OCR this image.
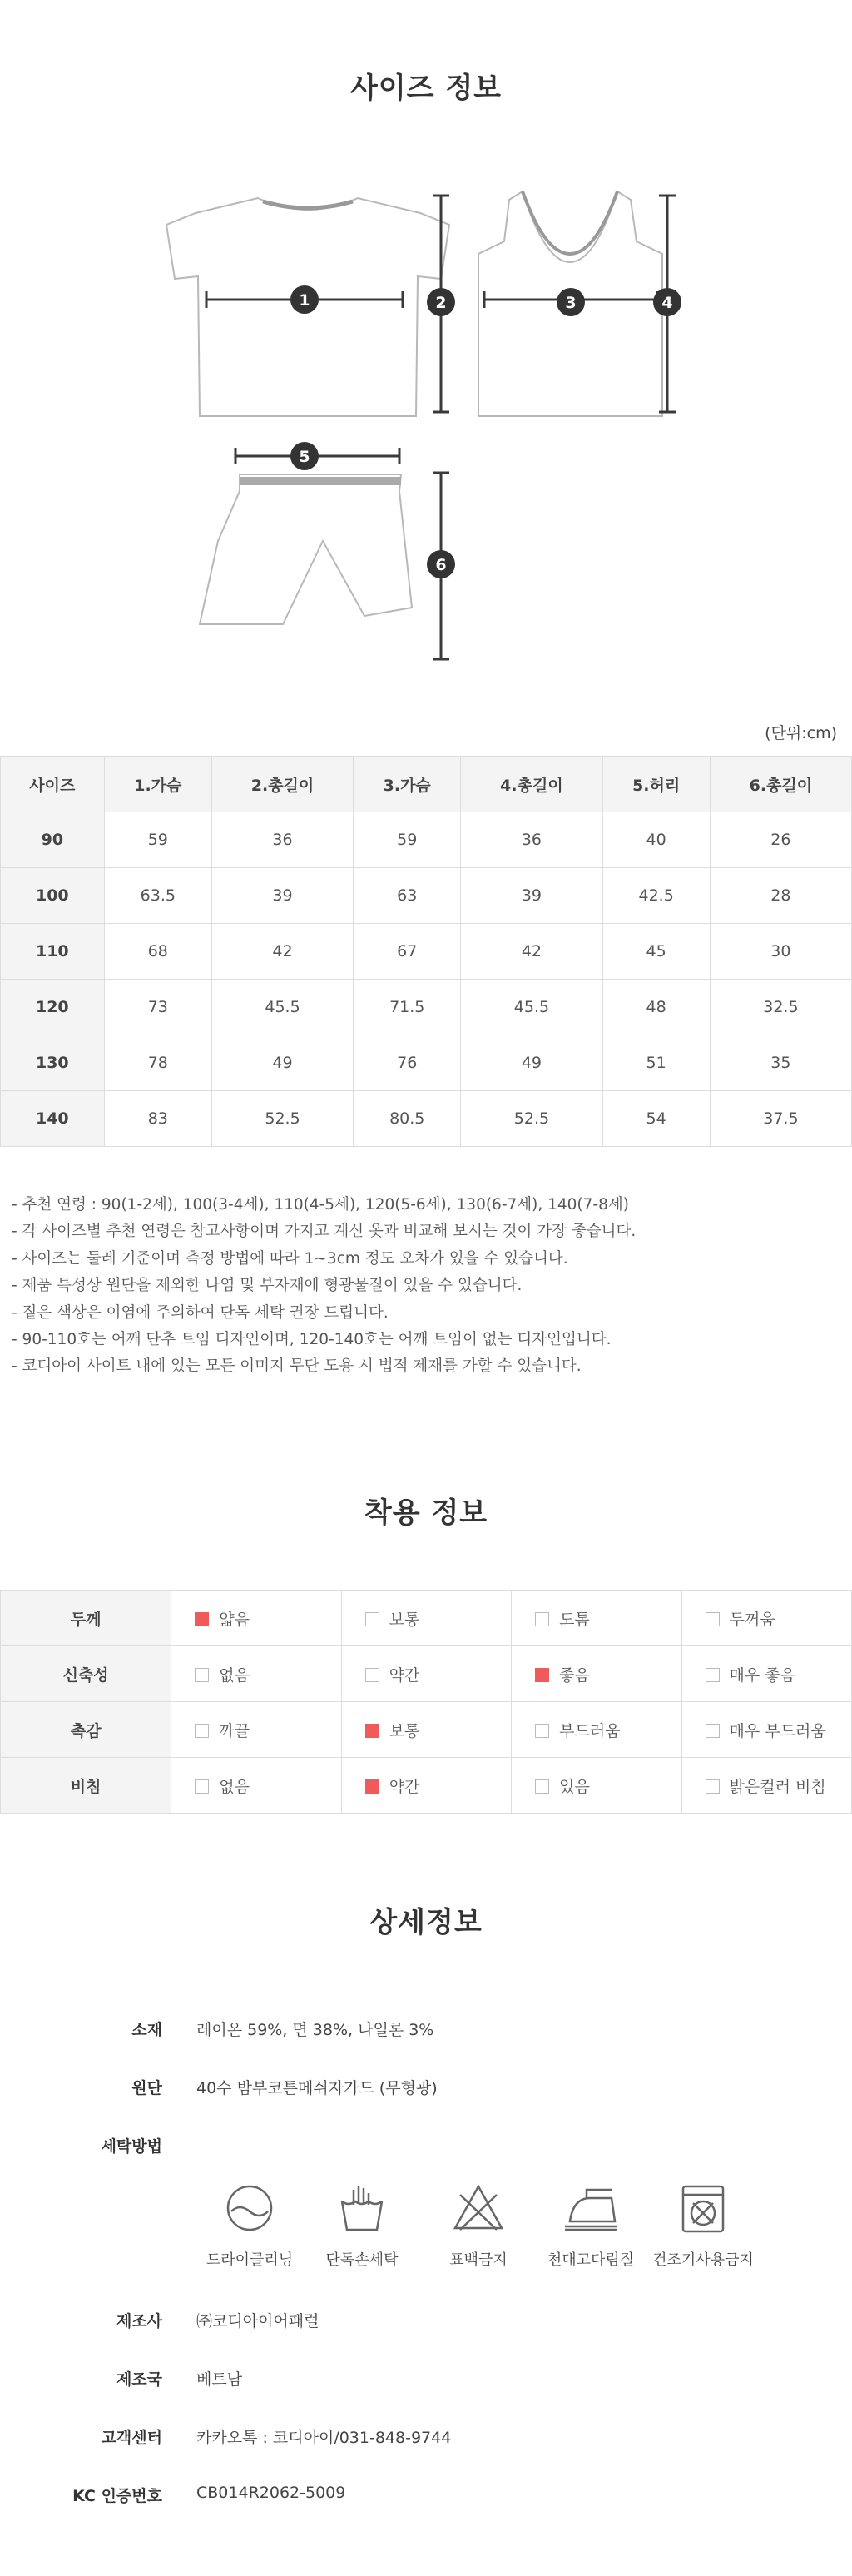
사이즈 정보
1	2	3	4
5
6
(단위:cm)
사이즈	1.가슴	2.총길이	3.가슴	4.총길이	5.허리	6.총길이
90	59	36	59	36	40	26
100	63.5	39	63	39	42.5	28
110	68	42	67	42	45	30
120	73	45.5	71.5	45.5	48	32.5
130	78	49	76	49	51	35
140	83	52.5	80.5	52.5	54	37.5
- 추천 연령 : 90(1-2세), 100(3-4세), 110(4-5세), 120(5-6세), 130(6-7세), 140(7-8세)
- 각 사이즈별 추천 연령은 참고사항이며 가지고 계신 옷과 비교해 보시는 것이 가장 좋습니다.
- 사이즈는 둘레 기준이며 측정 방법에 따라 1~3cm 정도 오차가 있을 수 있습니다.
- 제품 특성상 원단을 제외한 나염 및 부자재에 형광물질이 있을 수 있습니다.
- 짙은 색상은 이염에 주의하여 단독 세탁 권장 드립니다.
- 90-110호는 어깨 단추 트임 디자인이며, 120-140호는 어깨 트임이 없는 디자인입니다.
- 코디아이 사이트 내에 있는 모든 이미지 무단 도용 시 법적 제재를 가할 수 있습니다.
착용 정보
두께	얇음	보통	도톰	두꺼움
신축성	없음	약간	좋음	매우 좋음
촉감	까끌	보통	부드러움	매우 부드러움
비침	없음	약간	있음	밝은컬러 비침
상세정보
소재 레이온 59%, 면 38%, 나일론 3%
원단 40수 밤부코튼메쉬자가드 (무형광)
세탁방법
드라이클리닝	단독손세탁	표백금지	천대고다림질	건조기사용금지
제조사 ㈜코디아이어패럴
제조국 베트남
고객센터 카카오톡 : 코디아이/031-848-9744
KC 인증번호 CB014R2062-5009
